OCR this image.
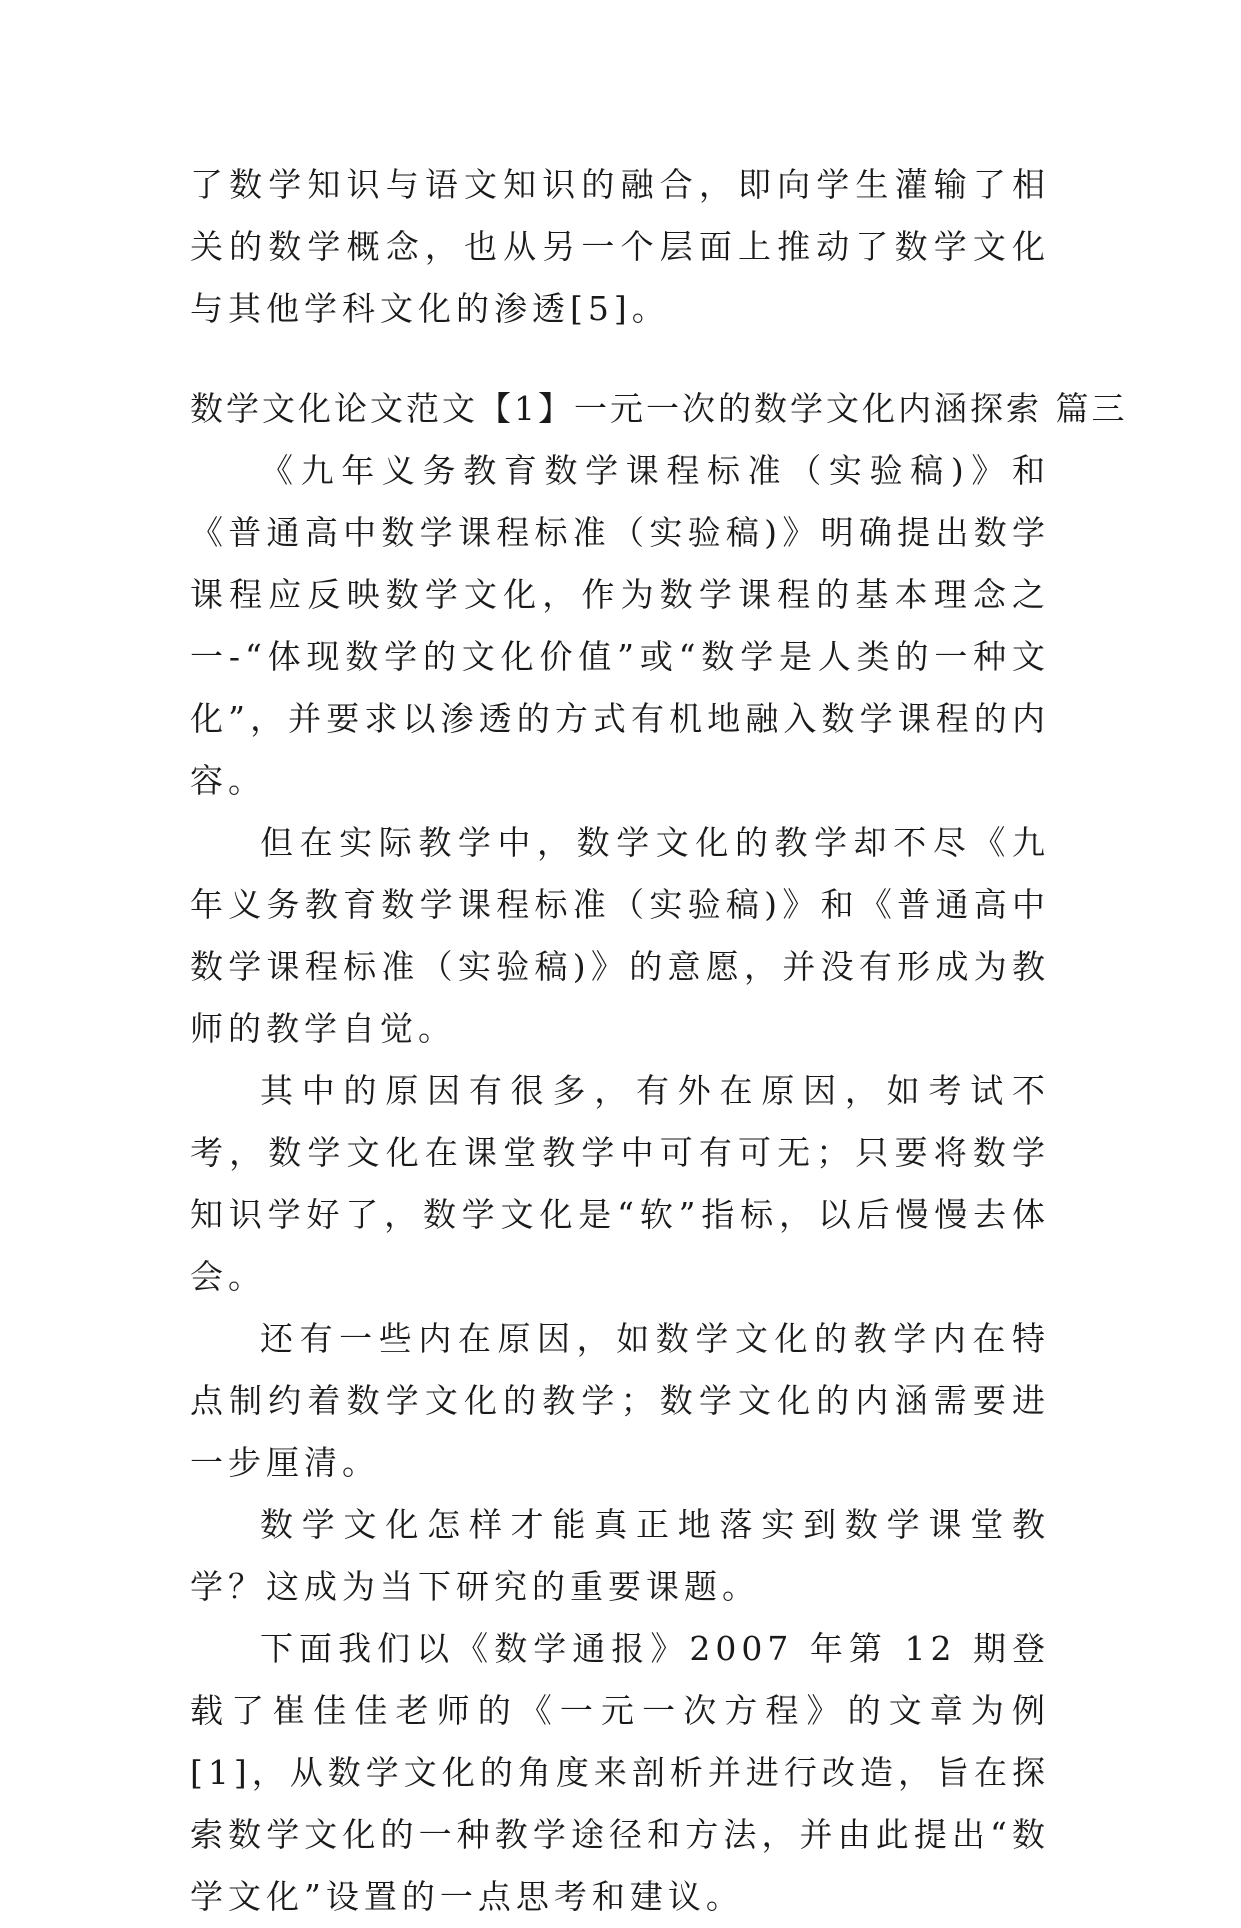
了数学知识与语文知识的融合，即向学生灌输了相关的数学概念，也从另一个层面上推动了数学文化与其他学科文化的渗透[5]。

数学文化论文范文【1】一元一次的数学文化内涵探索 篇三

《九年义务教育数学课程标准（实验稿)》和《普通高中数学课程标准（实验稿)》明确提出数学课程应反映数学文化，作为数学课程的基本理念之一-“体现数学的文化价值”或“数学是人类的一种文化”，并要求以渗透的方式有机地融入数学课程的内容。

但在实际教学中，数学文化的教学却不尽《九年义务教育数学课程标准（实验稿)》和《普通高中数学课程标准（实验稿)》的意愿，并没有形成为教师的教学自觉。

其中的原因有很多，有外在原因，如考试不考，数学文化在课堂教学中可有可无；只要将数学知识学好了，数学文化是“软”指标，以后慢慢去体会。

还有一些内在原因，如数学文化的教学内在特点制约着数学文化的教学；数学文化的内涵需要进一步厘清。

数学文化怎样才能真正地落实到数学课堂教学？这成为当下研究的重要课题。

下面我们以《数学通报》2007 年第 12 期登载了崔佳佳老师的《一元一次方程》的文章为例[1]，从数学文化的角度来剖析并进行改造，旨在探索数学文化的一种教学途径和方法，并由此提出“数学文化”设置的一点思考和建议。
